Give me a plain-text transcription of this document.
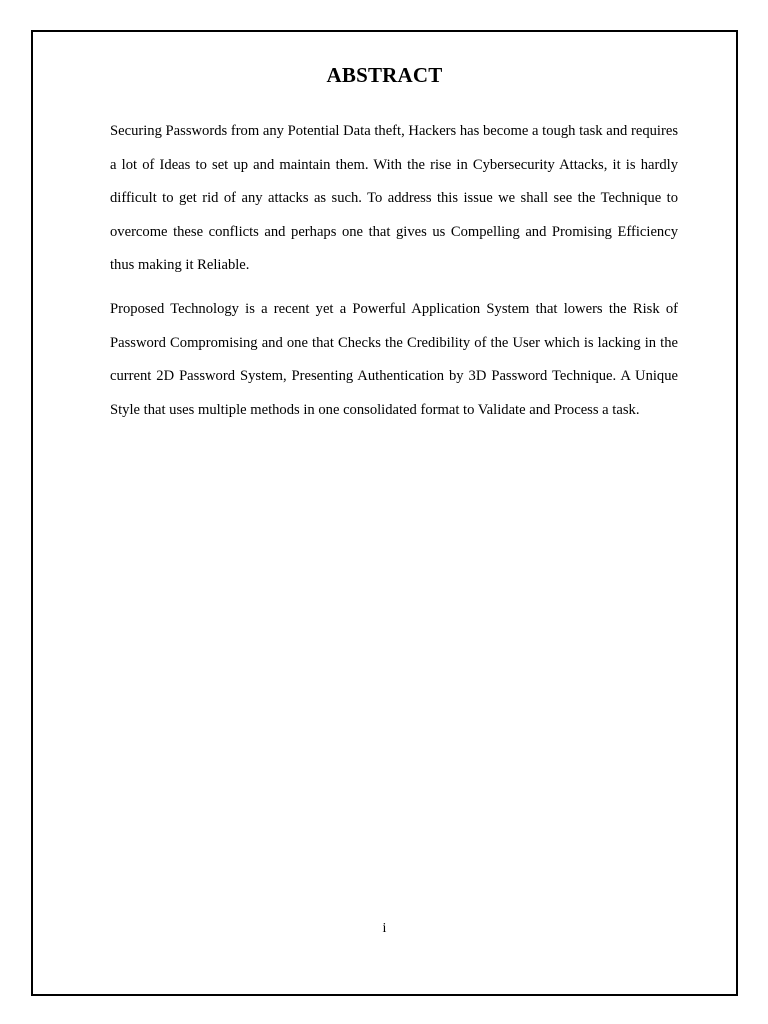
ABSTRACT

Securing Passwords from any Potential Data theft, Hackers has become a tough task and requires a lot of Ideas to set up and maintain them. With the rise in Cybersecurity Attacks, it is hardly difficult to get rid of any attacks as such. To address this issue we shall see the Technique to overcome these conflicts and perhaps one that gives us Compelling and Promising Efficiency thus making it Reliable.

Proposed Technology is a recent yet a Powerful Application System that lowers the Risk of Password Compromising and one that Checks the Credibility of the User which is lacking in the current 2D Password System, Presenting Authentication by 3D Password Technique. A Unique Style that uses multiple methods in one consolidated format to Validate and Process a task.

i
